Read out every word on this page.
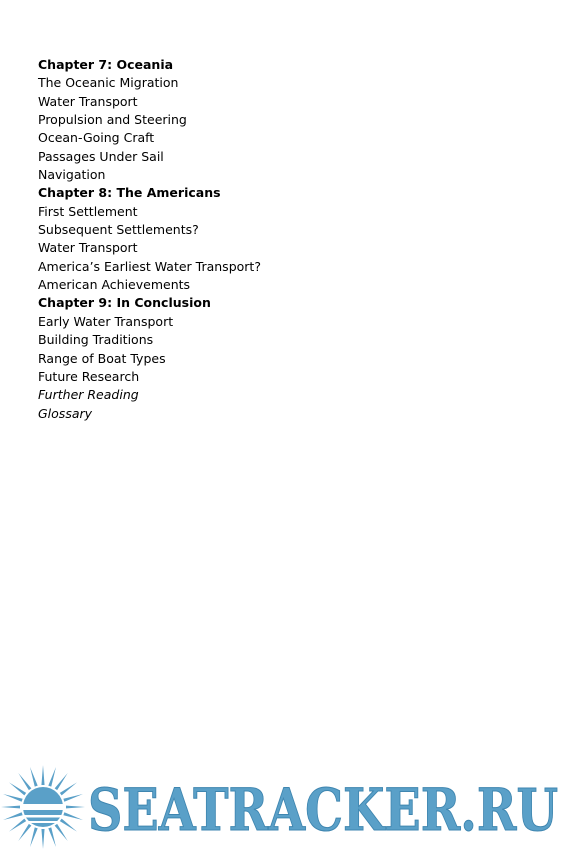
Chapter 7: Oceania
The Oceanic Migration
Water Transport
Propulsion and Steering
Ocean-Going Craft
Passages Under Sail
Navigation
Chapter 8: The Americans
First Settlement
Subsequent Settlements?
Water Transport
America’s Earliest Water Transport?
American Achievements
Chapter 9: In Conclusion
Early Water Transport
Building Traditions
Range of Boat Types
Future Research
Further Reading
Glossary
SEATRACKER.RU
